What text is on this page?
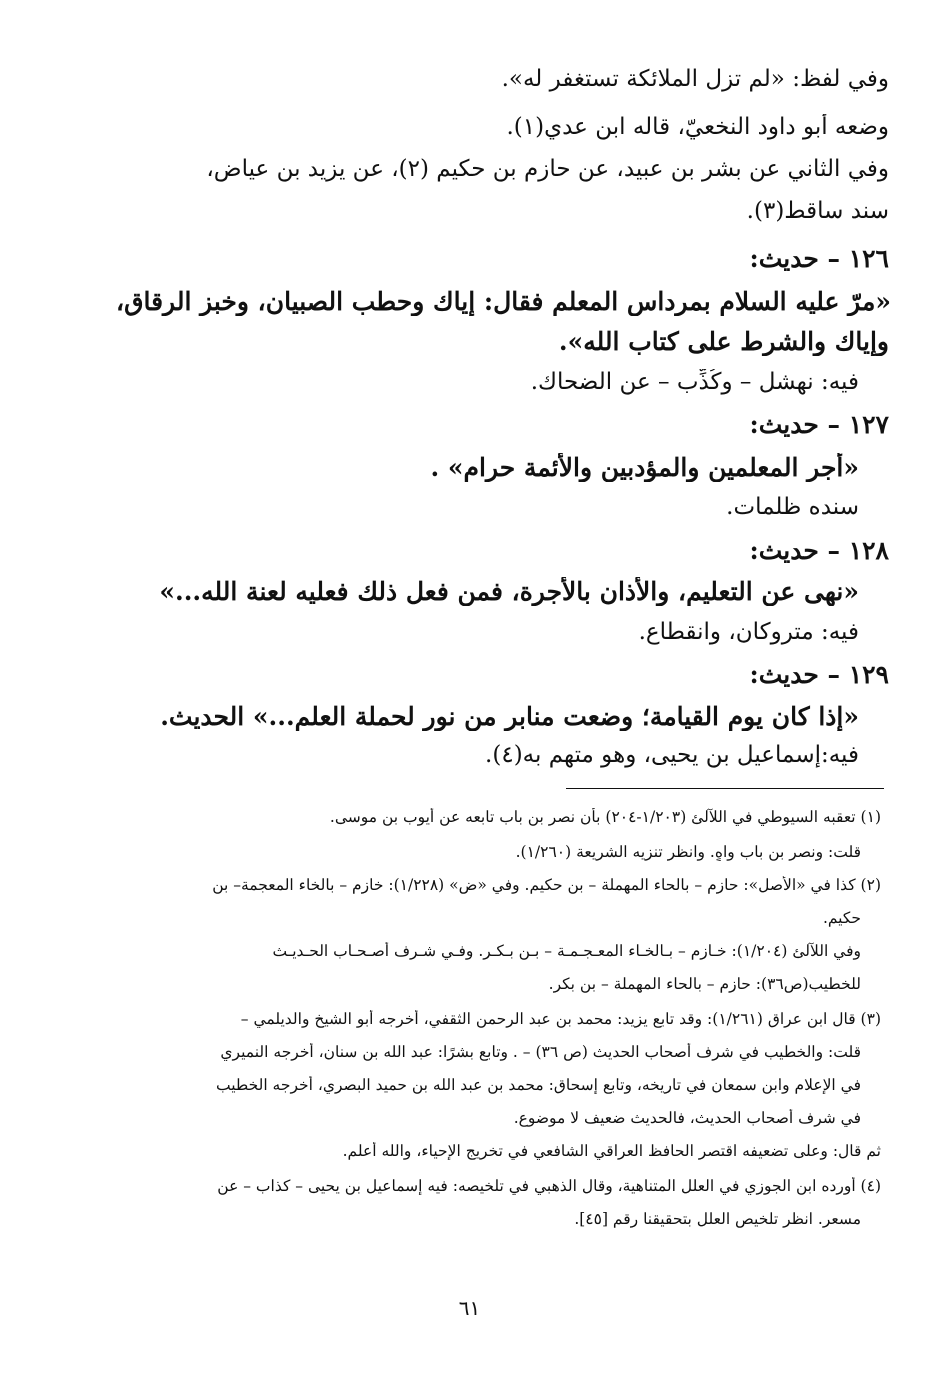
وفي لفظ: «لم تزل الملائكة تستغفر له».

وضعه أبو داود النخعيّ، قاله ابن عدي(١).

وفي الثاني عن بشر بن عبيد، عن حازم بن حكيم (٢)، عن يزيد بن عياض،

سند ساقط(٣).

١٢٦ – حديث:

«مرّ عليه السلام بمرداس المعلم فقال: إياك وحطب الصبيان، وخبز الرقاق،

وإياك والشرط على كتاب الله».

فيه: نهشل – وكُذِّب – عن الضحاك.

١٢٧ – حديث:

«أجر المعلمين والمؤدبين والأئمة حرام» .

سنده ظلمات.

١٢٨ – حديث:

«نهى عن التعليم، والأذان بالأجرة، فمن فعل ذلك فعليه لعنة الله...»

فيه: متروكان، وانقطاع.

١٢٩ – حديث:

«إذا كان يوم القيامة؛ وضعت منابر من نور لحملة العلم...» الحديث.

فيه:إسماعيل بن يحيى، وهو متهم به(٤).

(١) تعقبه السيوطي في اللآلئ (١/٢٠٣-٢٠٤) بأن نصر بن باب تابعه عن أيوب بن موسى.

قلت: ونصر بن باب واهٍ. وانظر تنزيه الشريعة (١/٢٦٠).

(٢) كذا في «الأصل»: حازم – بالحاء المهملة – بن حكيم. وفي «ض» (١/٢٢٨): خازم – بالخاء المعجمة– بن

حكيم.

وفي اللآلئ (١/٢٠٤): خـازم – بـالخـاء المعـجـمـة – بـن بـكـر. وفـي شـرف أصـحـاب الحـديـث

للخطيب(ص٣٦): حازم – بالحاء المهملة – بن بكر.

(٣) قال ابن عراق (١/٢٦١): وقد تابع يزيد: محمد بن عبد الرحمن الثقفي، أخرجه أبو الشيخ والديلمي –

قلت: والخطيب في شرف أصحاب الحديث (ص ٣٦) – . وتابع بشرًا: عبد الله بن سنان، أخرجه النميري

في الإعلام وابن سمعان في تاريخه، وتابع إسحاق: محمد بن عبد الله بن حميد البصري، أخرجه الخطيب

في شرف أصحاب الحديث، فالحديث ضعيف لا موضوع.

ثم قال: وعلى تضعيفه اقتصر الحافظ العراقي الشافعي في تخريج الإحياء، والله أعلم.

(٤) أورده ابن الجوزي في العلل المتناهية، وقال الذهبي في تلخيصه: فيه إسماعيل بن يحيى – كذاب – عن

مسعر. انظر تلخيص العلل بتحقيقنا رقم [٤٥].

٦١
